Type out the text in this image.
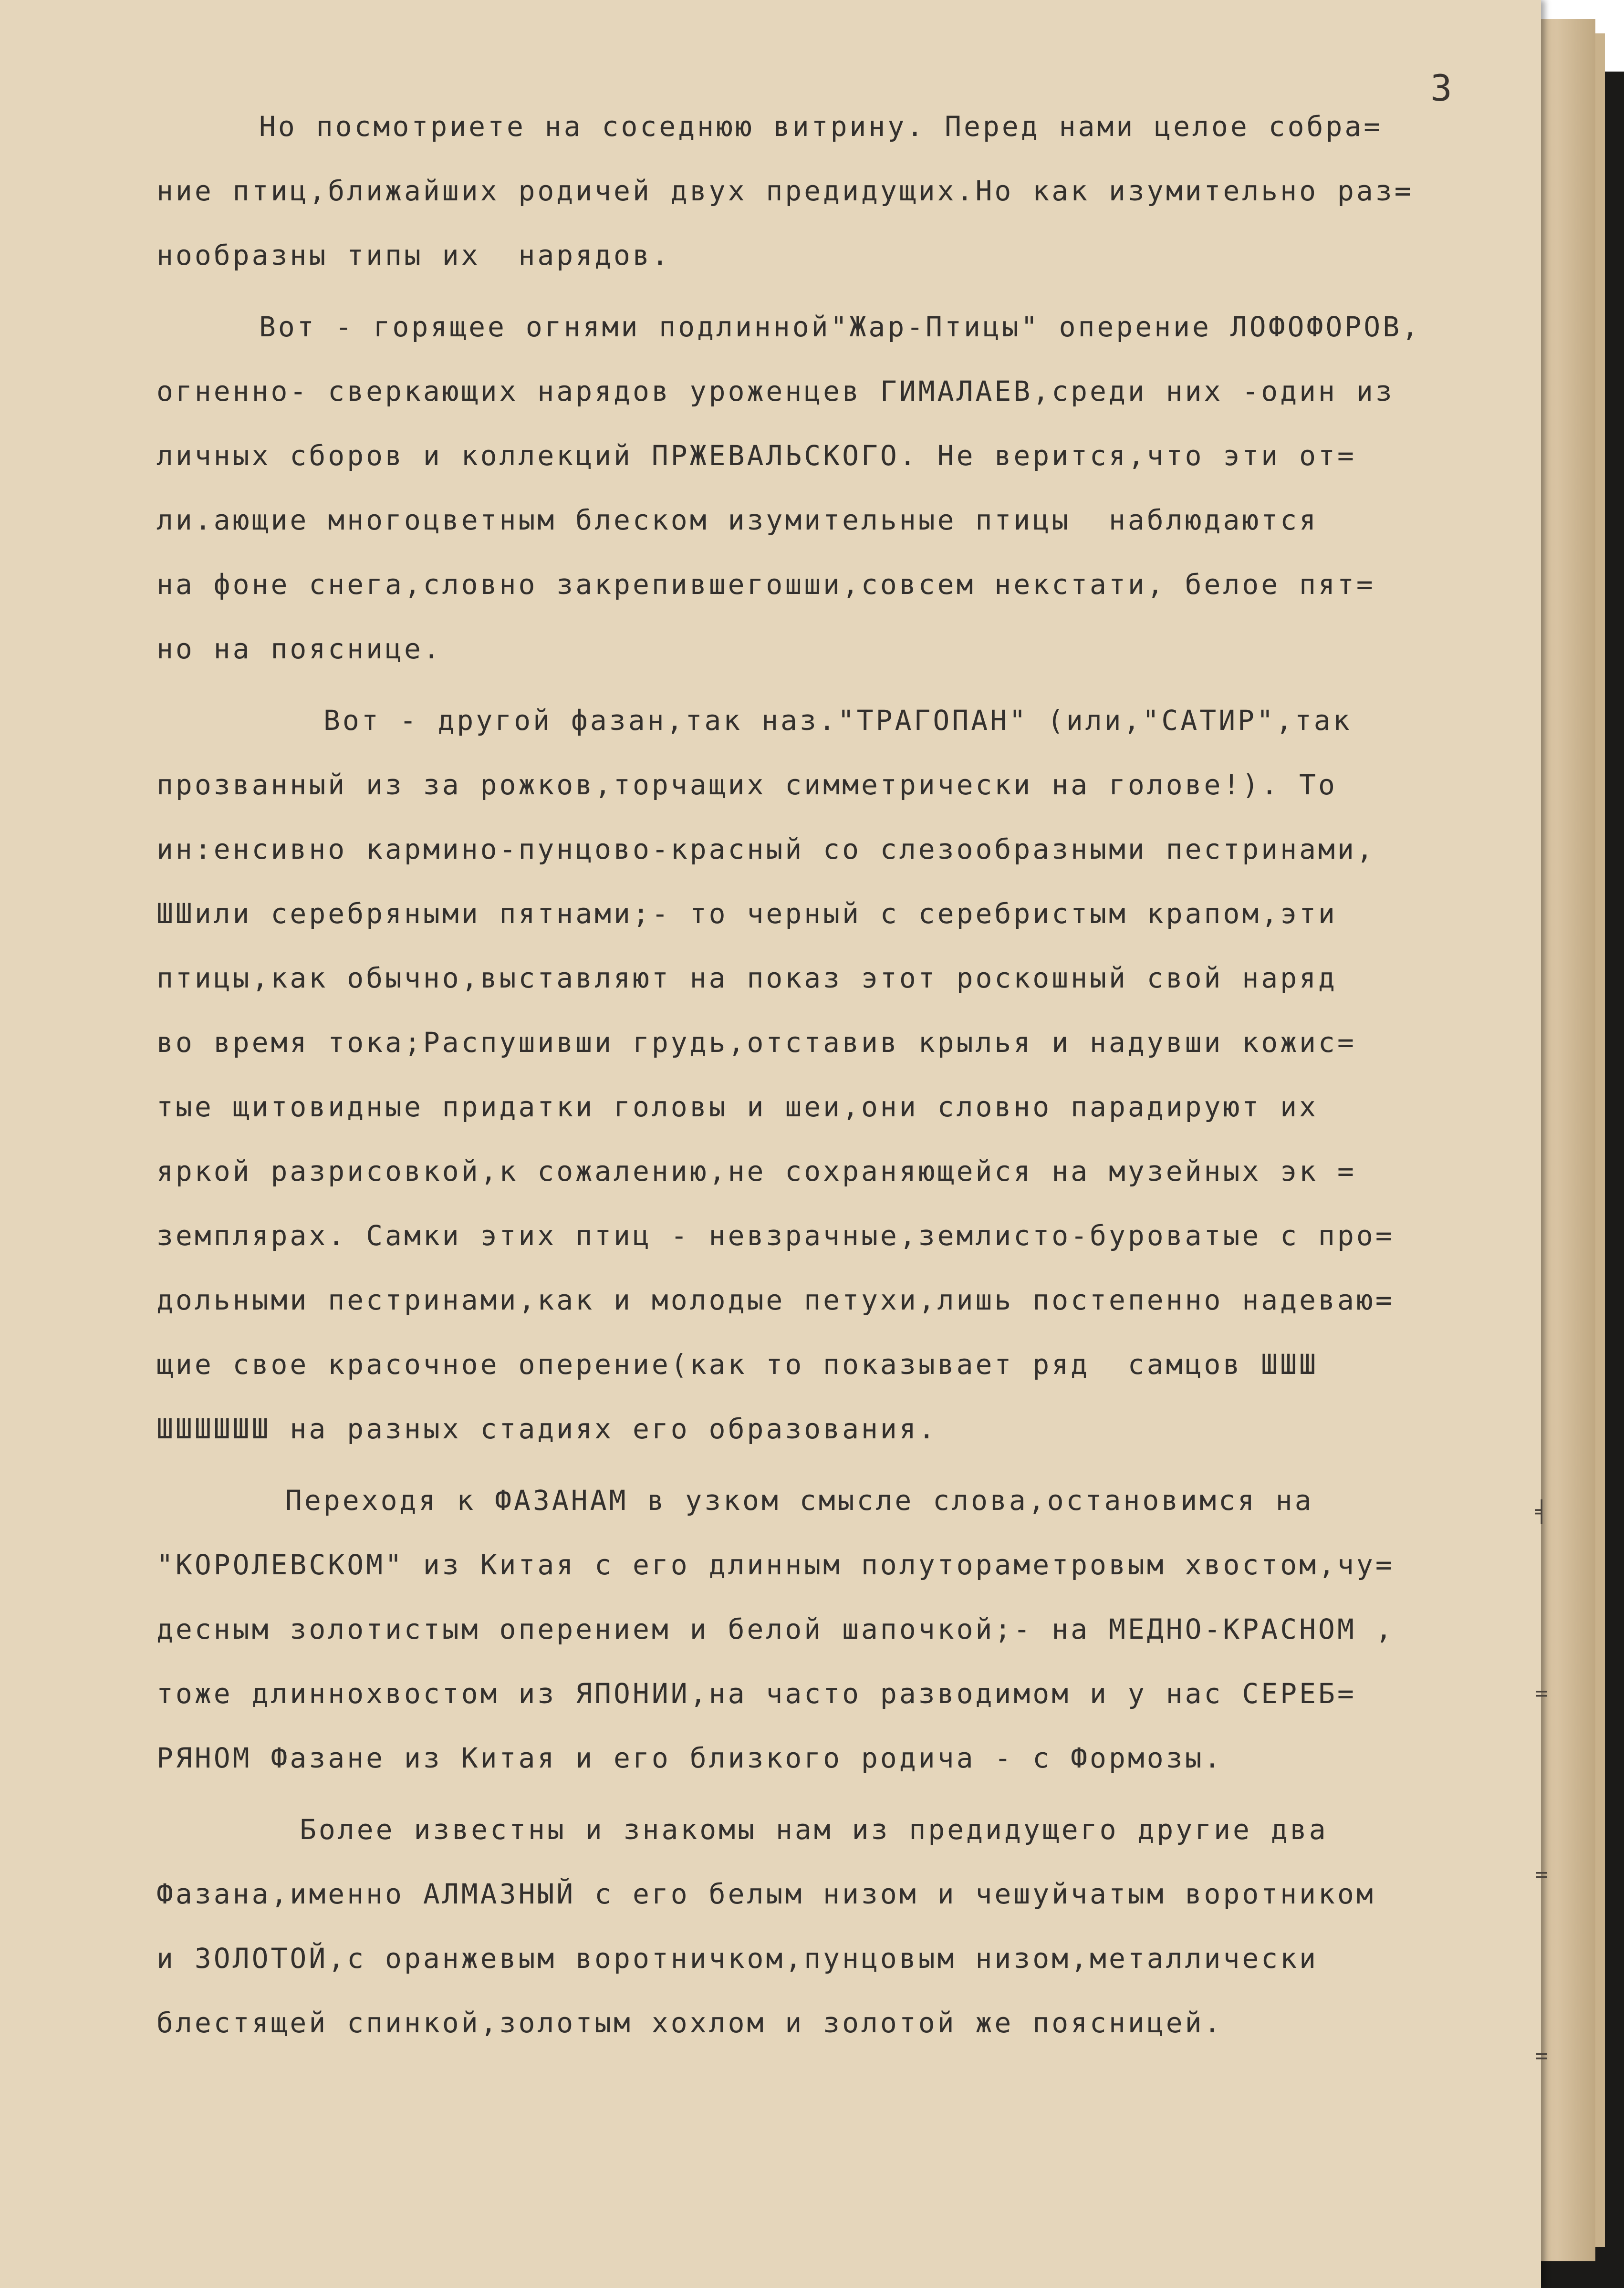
3
Но посмотриете на соседнюю витрину. Перед нами целое собра=
ние птиц,ближайших родичей двух предидущих.Но как изумительно раз=
нообразны типы их  нарядов.
Вот - горящее огнями подлинной"Жар-Птицы" оперение ЛОФОФОРОВ,
огненно- сверкающих нарядов уроженцев ГИМАЛАЕВ,среди них -один из
личных сборов и коллекций ПРЖЕВАЛЬСКОГО. Не верится,что эти от=
ли.ающие многоцветным блеском изумительные птицы  наблюдаются
на фоне снега,словно закрепившегошши,совсем некстати, белое пят=
но на пояснице.
Вот - другой фазан,так наз."ТРАГОПАН" (или,"САТИР",так
прозванный из за рожков,торчащих симметрически на голове!). То
ин:енсивно кармино-пунцово-красный со слезообразными пестринами,
ШШили серебряными пятнами;- то черный с серебристым крапом,эти
птицы,как обычно,выставляют на показ этот роскошный свой наряд
во время тока;Распушивши грудь,отставив крылья и надувши кожис=
тые щитовидные придатки головы и шеи,они словно парадируют их
яркой разрисовкой,к сожалению,не сохраняющейся на музейных эк =
земплярах. Самки этих птиц - невзрачные,землисто-буроватые с про=
дольными пестринами,как и молодые петухи,лишь постепенно надеваю=
щие свое красочное оперение(как то показывает ряд  самцов ШШШ
ШШШШШШ на разных стадиях его образования.
Переходя к ФАЗАНАМ в узком смысле слова,остановимся на
"КОРОЛЕВСКОМ" из Китая с его длинным полутораметровым хвостом,чу=
десным золотистым оперением и белой шапочкой;- на МЕДНО-КРАСНОМ ,
тоже длиннохвостом из ЯПОНИИ,на часто разводимом и у нас СЕРЕБ=
РЯНОМ Фазане из Китая и его близкого родича - с Формозы.
Более известны и знакомы нам из предидущего другие два
Фазана,именно АЛМАЗНЫЙ с его белым низом и чешуйчатым воротником
и ЗОЛОТОЙ,с оранжевым воротничком,пунцовым низом,металлически
блестящей спинкой,золотым хохлом и золотой же поясницей.
╡
=
=
=
